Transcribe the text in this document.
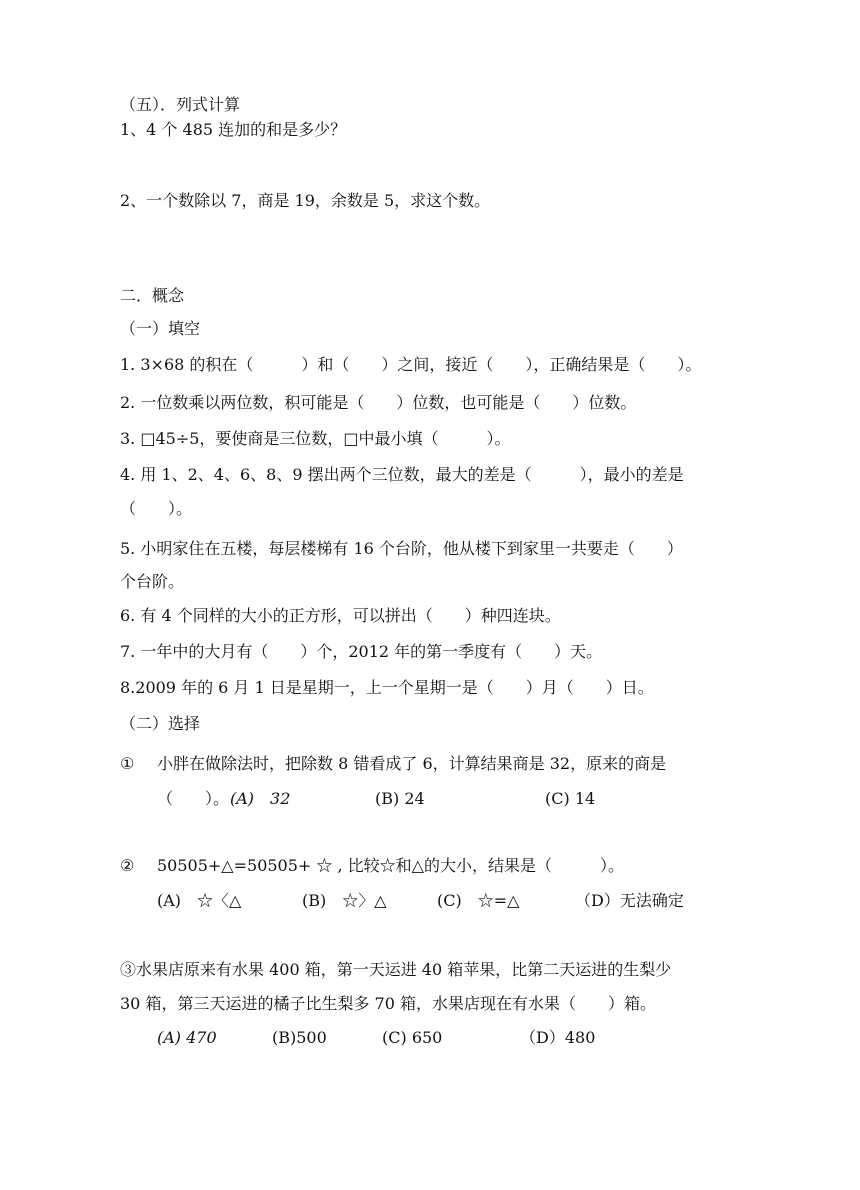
（五）．列式计算
1、4 个 485 连加的和是多少？
2、一个数除以 7，商是 19，余数是 5，求这个数。
二．概念
（一）填空
1. 3×68 的积在（　　　）和（　　）之间，接近（　　），正确结果是（　　）。
2. 一位数乘以两位数，积可能是（　　）位数，也可能是（　　）位数。
3. □45÷5，要使商是三位数，□中最小填（　　　）。
4. 用 1、2、4、6、8、9 摆出两个三位数，最大的差是（　　　），最小的差是
（　　）。
5. 小明家住在五楼，每层楼梯有 16 个台阶，他从楼下到家里一共要走（　　）
个台阶。
6. 有 4 个同样的大小的正方形，可以拼出（　　）种四连块。
7. 一年中的大月有（　　）个，2012 年的第一季度有（　　）天。
8.2009 年的 6 月 1 日是星期一，上一个星期一是（　　）月（　　）日。
（二）选择
① 小胖在做除法时，把除数 8 错看成了 6，计算结果商是 32，原来的商是
（　　）。 (A)　32	(B) 24	(C) 14
② 50505+△=50505+ ☆ , 比较☆和△的大小，结果是（　　　）。
(A)　☆〈△	(B)　☆〉△	(C)　☆=△	（D）无法确定
③水果店原来有水果 400 箱，第一天运进 40 箱苹果，比第二天运进的生梨少
30 箱，第三天运进的橘子比生梨多 70 箱，水果店现在有水果（　　）箱。
(A) 470	(B)500	(C) 650	（D）480
